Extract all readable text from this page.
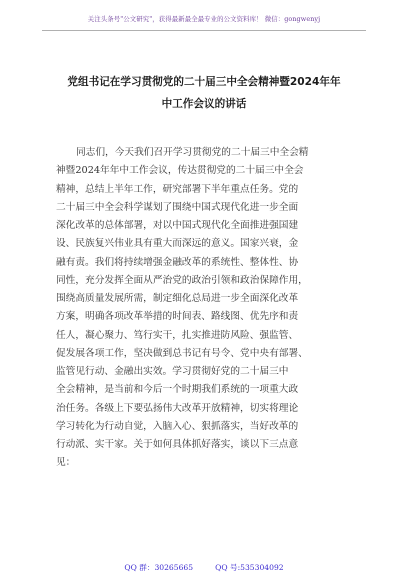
关注头条号"公文研究"，获得最新最全最专业的公文资料库！ 微信：gongwenyj
党组书记在学习贯彻党的二十届三中全会精神暨2024年年
中工作会议的讲话
同志们，今天我们召开学习贯彻党的二十届三中全会精
神暨2024年年中工作会议，传达贯彻党的二十届三中全会
精神，总结上半年工作，研究部署下半年重点任务。党的
二十届三中全会科学谋划了围绕中国式现代化进一步全面
深化改革的总体部署，对以中国式现代化全面推进强国建
设、民族复兴伟业具有重大而深远的意义。国家兴衰，金
融有责。我们将持续增强金融改革的系统性、整体性、协
同性，充分发挥全面从严治党的政治引领和政治保障作用，
围绕高质量发展所需，制定细化总局进一步全面深化改革
方案，明确各项改革举措的时间表、路线图、优先序和责
任人，凝心聚力、笃行实干，扎实推进防风险、强监管、
促发展各项工作，坚决做到总书记有号令、党中央有部署、
监管见行动、金融出实效。学习贯彻好党的二十届三中
全会精神，是当前和今后一个时期我们系统的一项重大政
治任务。各级上下要弘扬伟大改革开放精神，切实将理论
学习转化为行动自觉，入脑入心、狠抓落实，当好改革的
行动派、实干家。关于如何具体抓好落实，谈以下三点意
见：
QQ 群：30265665	QQ 号:535304092
